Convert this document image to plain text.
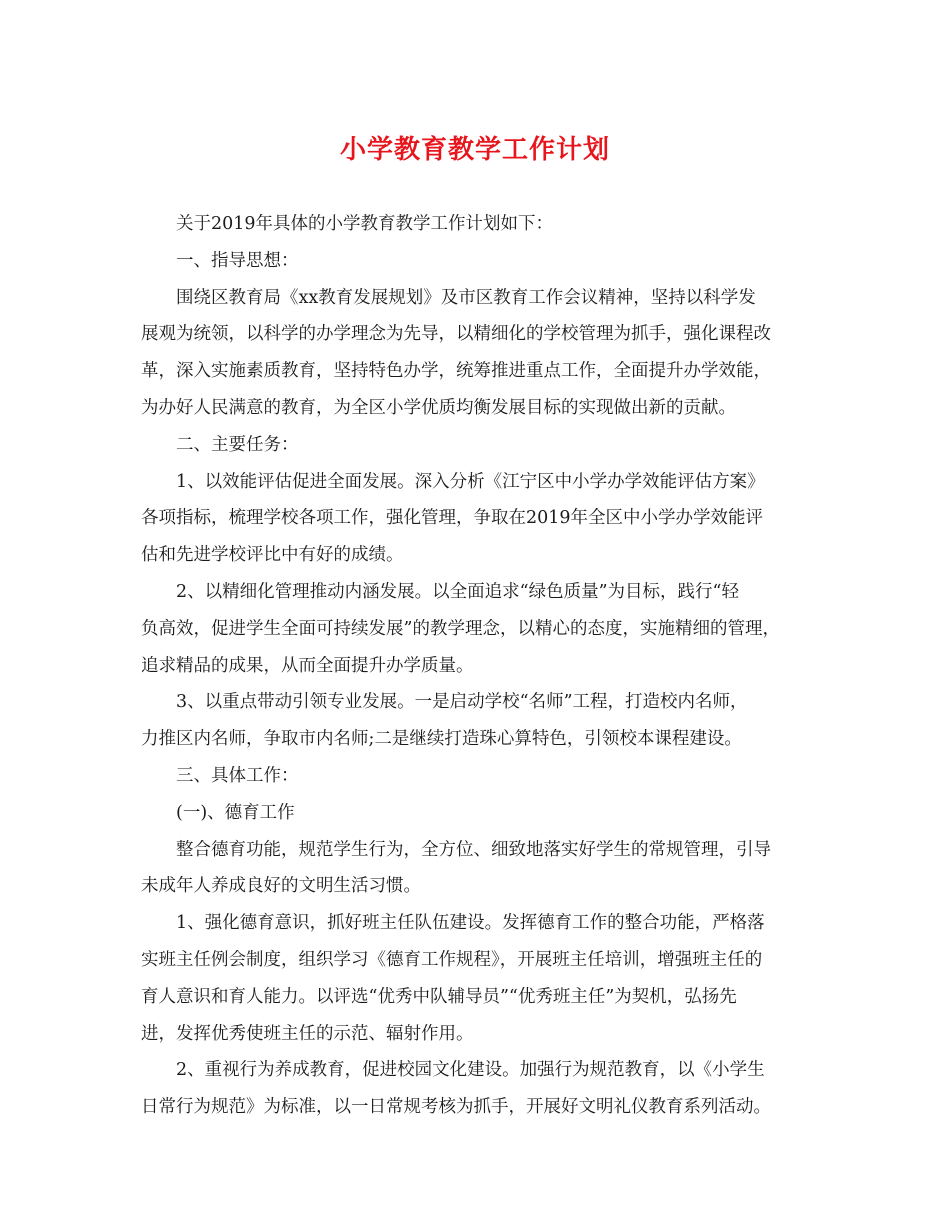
小学教育教学工作计划

关于2019年具体的小学教育教学工作计划如下：

一、指导思想：

围绕区教育局《xx教育发展规划》及市区教育工作会议精神，坚持以科学发

展观为统领，以科学的办学理念为先导，以精细化的学校管理为抓手，强化课程改

革，深入实施素质教育，坚持特色办学，统筹推进重点工作，全面提升办学效能，

为办好人民满意的教育，为全区小学优质均衡发展目标的实现做出新的贡献。

二、主要任务：

1、以效能评估促进全面发展。深入分析《江宁区中小学办学效能评估方案》

各项指标，梳理学校各项工作，强化管理，争取在2019年全区中小学办学效能评

估和先进学校评比中有好的成绩。

2、以精细化管理推动内涵发展。以全面追求“绿色质量”为目标，践行“轻

负高效，促进学生全面可持续发展”的教学理念，以精心的态度，实施精细的管理，

追求精品的成果，从而全面提升办学质量。

3、以重点带动引领专业发展。一是启动学校“名师”工程，打造校内名师，

力推区内名师，争取市内名师;二是继续打造珠心算特色，引领校本课程建设。

三、具体工作：

(一)、德育工作

整合德育功能，规范学生行为，全方位、细致地落实好学生的常规管理，引导

未成年人养成良好的文明生活习惯。

1、强化德育意识，抓好班主任队伍建设。发挥德育工作的整合功能，严格落

实班主任例会制度，组织学习《德育工作规程》，开展班主任培训，增强班主任的

育人意识和育人能力。以评选“优秀中队辅导员”“优秀班主任”为契机，弘扬先

进，发挥优秀使班主任的示范、辐射作用。

2、重视行为养成教育，促进校园文化建设。加强行为规范教育，以《小学生

日常行为规范》为标准，以一日常规考核为抓手，开展好文明礼仪教育系列活动。
